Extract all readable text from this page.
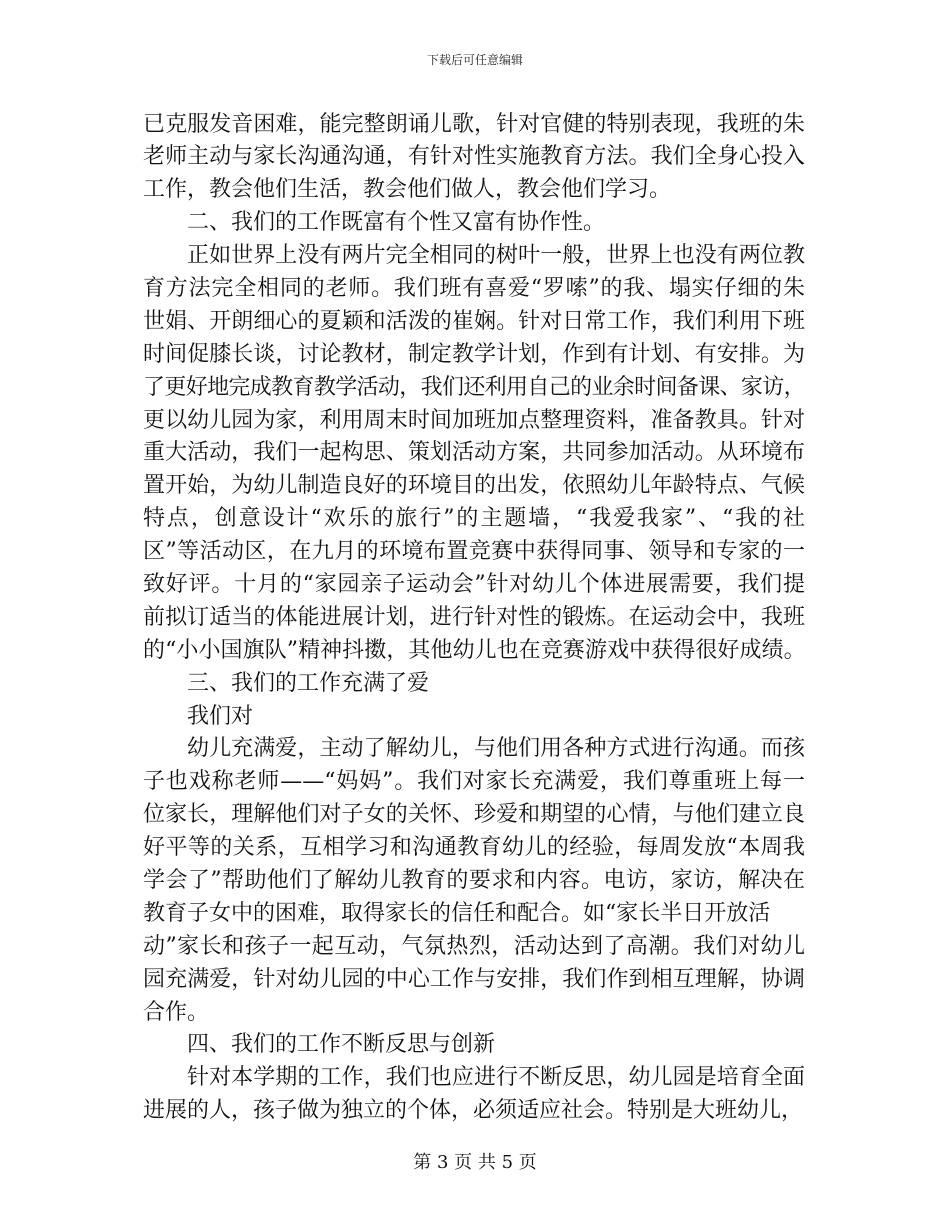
下载后可任意编辑
已克服发音困难，能完整朗诵儿歌，针对官健的特别表现，我班的朱
老师主动与家长沟通沟通，有针对性实施教育方法。我们全身心投入
工作，教会他们生活，教会他们做人，教会他们学习。
二、我们的工作既富有个性又富有协作性。
正如世界上没有两片完全相同的树叶一般，世界上也没有两位教
育方法完全相同的老师。我们班有喜爱“罗嗦”的我、塌实仔细的朱
世娟、开朗细心的夏颖和活泼的崔娴。针对日常工作，我们利用下班
时间促膝长谈，讨论教材，制定教学计划，作到有计划、有安排。为
了更好地完成教育教学活动，我们还利用自己的业余时间备课、家访，
更以幼儿园为家，利用周末时间加班加点整理资料，准备教具。针对
重大活动，我们一起构思、策划活动方案，共同参加活动。从环境布
置开始，为幼儿制造良好的环境目的出发，依照幼儿年龄特点、气候
特点，创意设计“欢乐的旅行”的主题墙，“我爱我家”、“我的社
区”等活动区，在九月的环境布置竞赛中获得同事、领导和专家的一
致好评。十月的“家园亲子运动会”针对幼儿个体进展需要，我们提
前拟订适当的体能进展计划，进行针对性的锻炼。在运动会中，我班
的“小小国旗队”精神抖擞，其他幼儿也在竞赛游戏中获得很好成绩。
三、我们的工作充满了爱
我们对
幼儿充满爱，主动了解幼儿，与他们用各种方式进行沟通。而孩
子也戏称老师——“妈妈”。我们对家长充满爱，我们尊重班上每一
位家长，理解他们对子女的关怀、珍爱和期望的心情，与他们建立良
好平等的关系，互相学习和沟通教育幼儿的经验，每周发放“本周我
学会了”帮助他们了解幼儿教育的要求和内容。电访，家访，解决在
教育子女中的困难，取得家长的信任和配合。如“家长半日开放活
动”家长和孩子一起互动，气氛热烈，活动达到了高潮。我们对幼儿
园充满爱，针对幼儿园的中心工作与安排，我们作到相互理解，协调
合作。
四、我们的工作不断反思与创新
针对本学期的工作，我们也应进行不断反思，幼儿园是培育全面
进展的人，孩子做为独立的个体，必须适应社会。特别是大班幼儿，
第 3 页 共 5 页
